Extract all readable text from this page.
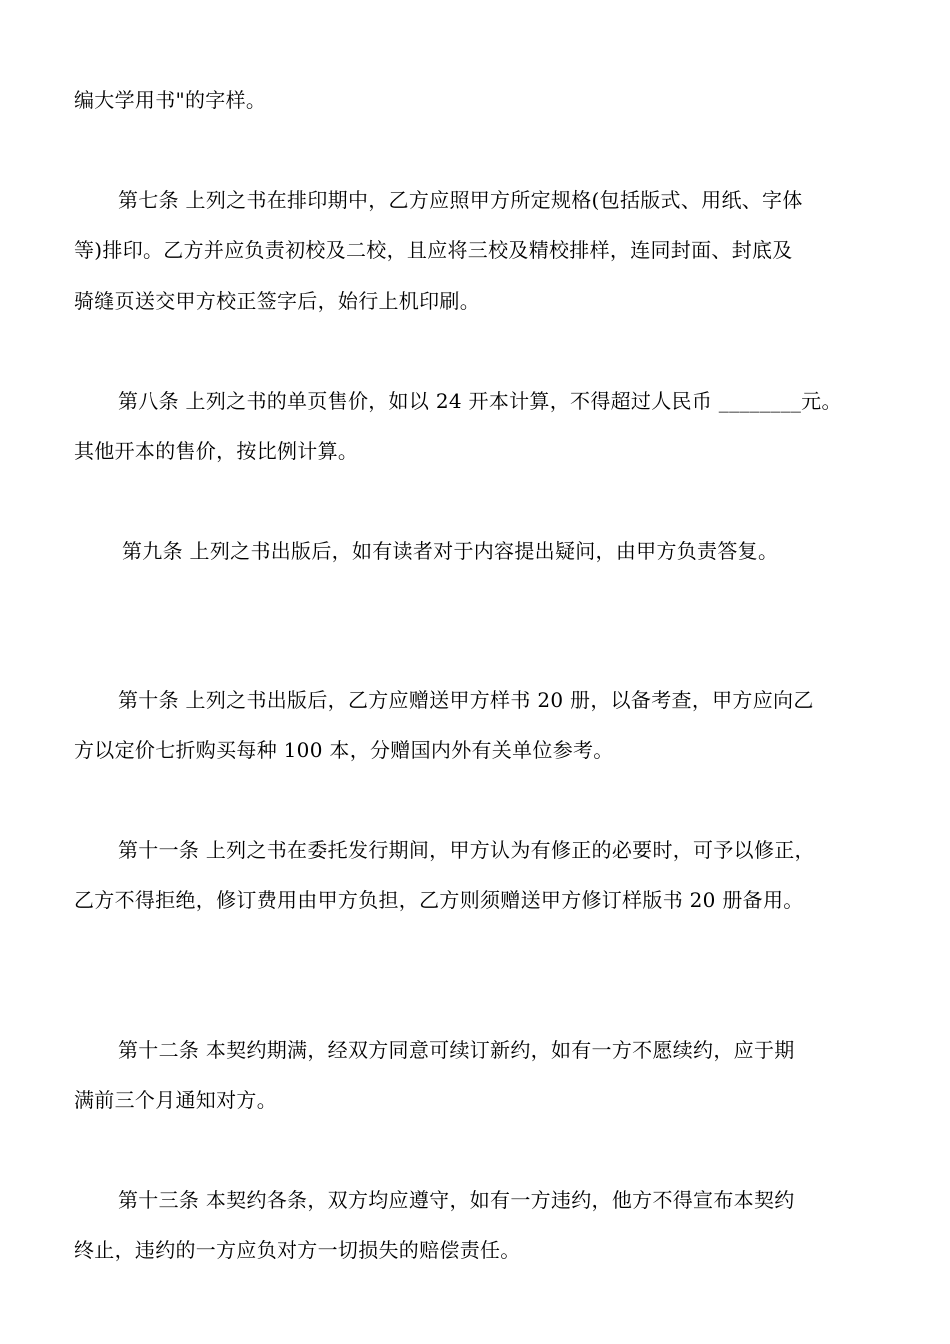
编大学用书"的字样。
第七条 上列之书在排印期中，乙方应照甲方所定规格(包括版式、用纸、字体
等)排印。乙方并应负责初校及二校，且应将三校及精校排样，连同封面、封底及
骑缝页送交甲方校正签字后，始行上机印刷。
第八条 上列之书的单页售价，如以 24 开本计算，不得超过人民币 ________元。
其他开本的售价，按比例计算。
第九条 上列之书出版后，如有读者对于内容提出疑问，由甲方负责答复。
第十条 上列之书出版后，乙方应赠送甲方样书 20 册，以备考查，甲方应向乙
方以定价七折购买每种 100 本，分赠国内外有关单位参考。
第十一条 上列之书在委托发行期间，甲方认为有修正的必要时，可予以修正，
乙方不得拒绝，修订费用由甲方负担，乙方则须赠送甲方修订样版书 20 册备用。
第十二条 本契约期满，经双方同意可续订新约，如有一方不愿续约，应于期
满前三个月通知对方。
第十三条 本契约各条，双方均应遵守，如有一方违约，他方不得宣布本契约
终止，违约的一方应负对方一切损失的赔偿责任。
